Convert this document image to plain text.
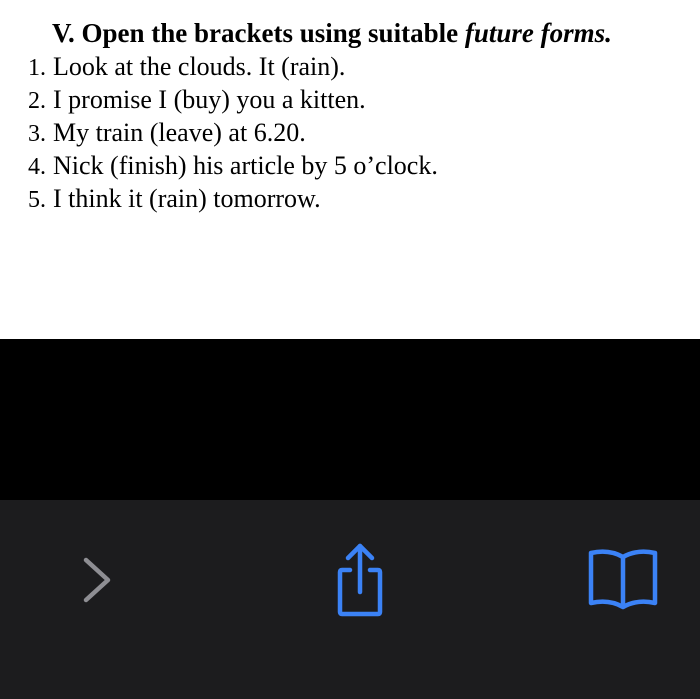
V. Open the brackets using suitable future forms.
1. Look at the clouds. It (rain).
2. I promise I (buy) you a kitten.
3. My train (leave) at 6.20.
4. Nick (finish) his article by 5 o’clock.
5. I think it (rain) tomorrow.
